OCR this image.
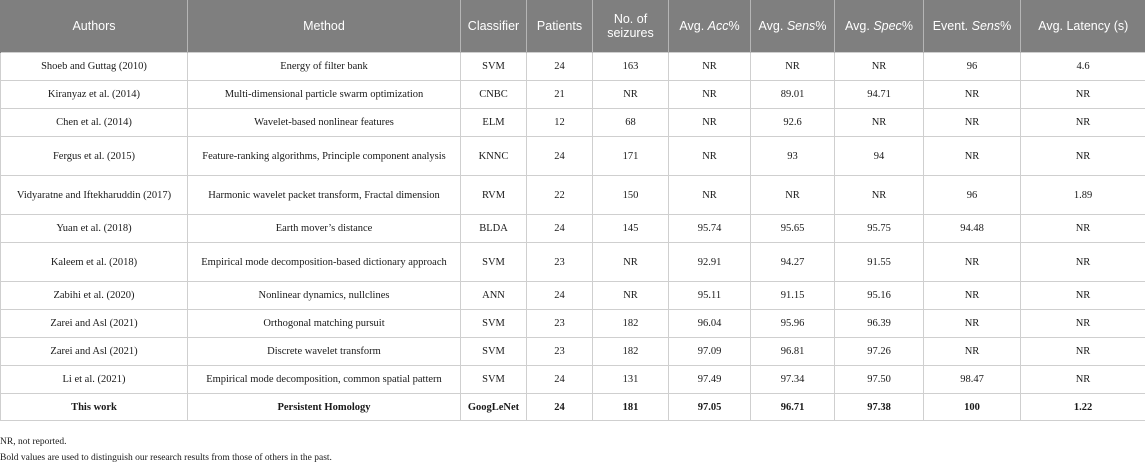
Authors	Method	Classifier	Patients	No. of seizures	Avg. Acc%	Avg. Sens%	Avg. Spec%	Event. Sens%	Avg. Latency (s)
Shoeb and Guttag (2010)	Energy of filter bank	SVM	24	163	NR	NR	NR	96	4.6
Kiranyaz et al. (2014)	Multi-dimensional particle swarm optimization	CNBC	21	NR	NR	89.01	94.71	NR	NR
Chen et al. (2014)	Wavelet-based nonlinear features	ELM	12	68	NR	92.6	NR	NR	NR
Fergus et al. (2015)	Feature-ranking algorithms, Principle component analysis	KNNC	24	171	NR	93	94	NR	NR
Vidyaratne and Iftekharuddin (2017)	Harmonic wavelet packet transform, Fractal dimension	RVM	22	150	NR	NR	NR	96	1.89
Yuan et al. (2018)	Earth mover’s distance	BLDA	24	145	95.74	95.65	95.75	94.48	NR
Kaleem et al. (2018)	Empirical mode decomposition-based dictionary approach	SVM	23	NR	92.91	94.27	91.55	NR	NR
Zabihi et al. (2020)	Nonlinear dynamics, nullclines	ANN	24	NR	95.11	91.15	95.16	NR	NR
Zarei and Asl (2021)	Orthogonal matching pursuit	SVM	23	182	96.04	95.96	96.39	NR	NR
Zarei and Asl (2021)	Discrete wavelet transform	SVM	23	182	97.09	96.81	97.26	NR	NR
Li et al. (2021)	Empirical mode decomposition, common spatial pattern	SVM	24	131	97.49	97.34	97.50	98.47	NR
This work	Persistent Homology	GoogLeNet	24	181	97.05	96.71	97.38	100	1.22
NR, not reported.
Bold values are used to distinguish our research results from those of others in the past.
